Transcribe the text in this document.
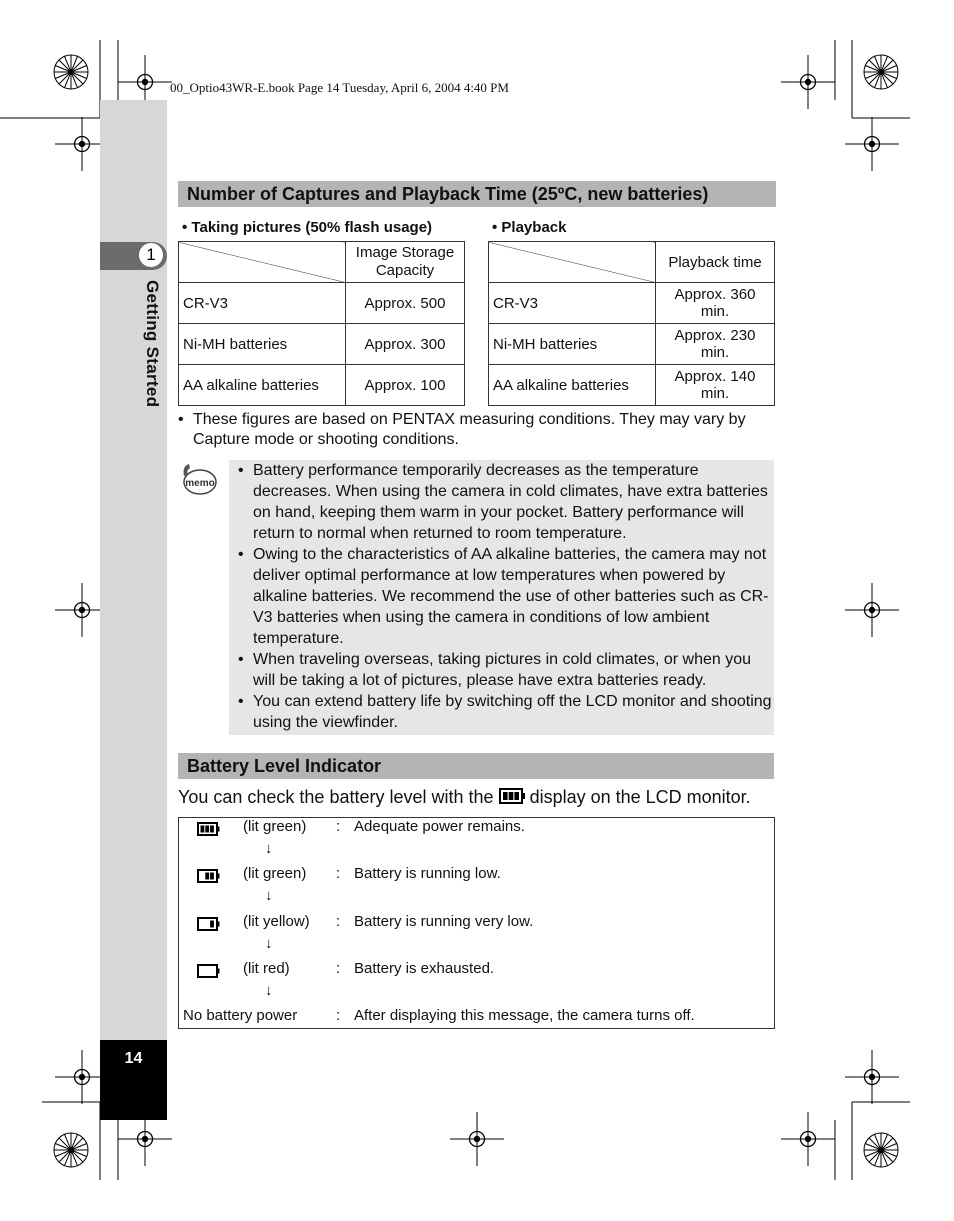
00_Optio43WR-E.book Page 14 Tuesday, April 6, 2004 4:40 PM
1
Getting Started
14
Number of Captures and Playback Time (25ºC, new batteries)
• Taking pictures (50% flash usage)	• Playback
	Image Storage Capacity
CR-V3	Approx. 500
Ni-MH batteries	Approx. 300
AA alkaline batteries	Approx. 100
	Playback time
CR-V3	Approx. 360 min.
Ni-MH batteries	Approx. 230 min.
AA alkaline batteries	Approx. 140 min.
• These figures are based on PENTAX measuring conditions. They may vary by Capture mode or shooting conditions.
memo
• Battery performance temporarily decreases as the temperature decreases. When using the camera in cold climates, have extra batteries on hand, keeping them warm in your pocket. Battery performance will return to normal when returned to room temperature.
• Owing to the characteristics of AA alkaline batteries, the camera may not deliver optimal performance at low temperatures when powered by alkaline batteries. We recommend the use of other batteries such as CR-V3 batteries when using the camera in conditions of low ambient temperature.
• When traveling overseas, taking pictures in cold climates, or when you will be taking a lot of pictures, please have extra batteries ready.
• You can extend battery life by switching off the LCD monitor and shooting using the viewfinder.
Battery Level Indicator
You can check the battery level with the display on the LCD monitor.
(lit green) : Adequate power remains.
↓
(lit green) : Battery is running low.
↓
(lit yellow) : Battery is running very low.
↓
(lit red)	: Battery is exhausted.
↓
No battery power	: After displaying this message, the camera turns off.
